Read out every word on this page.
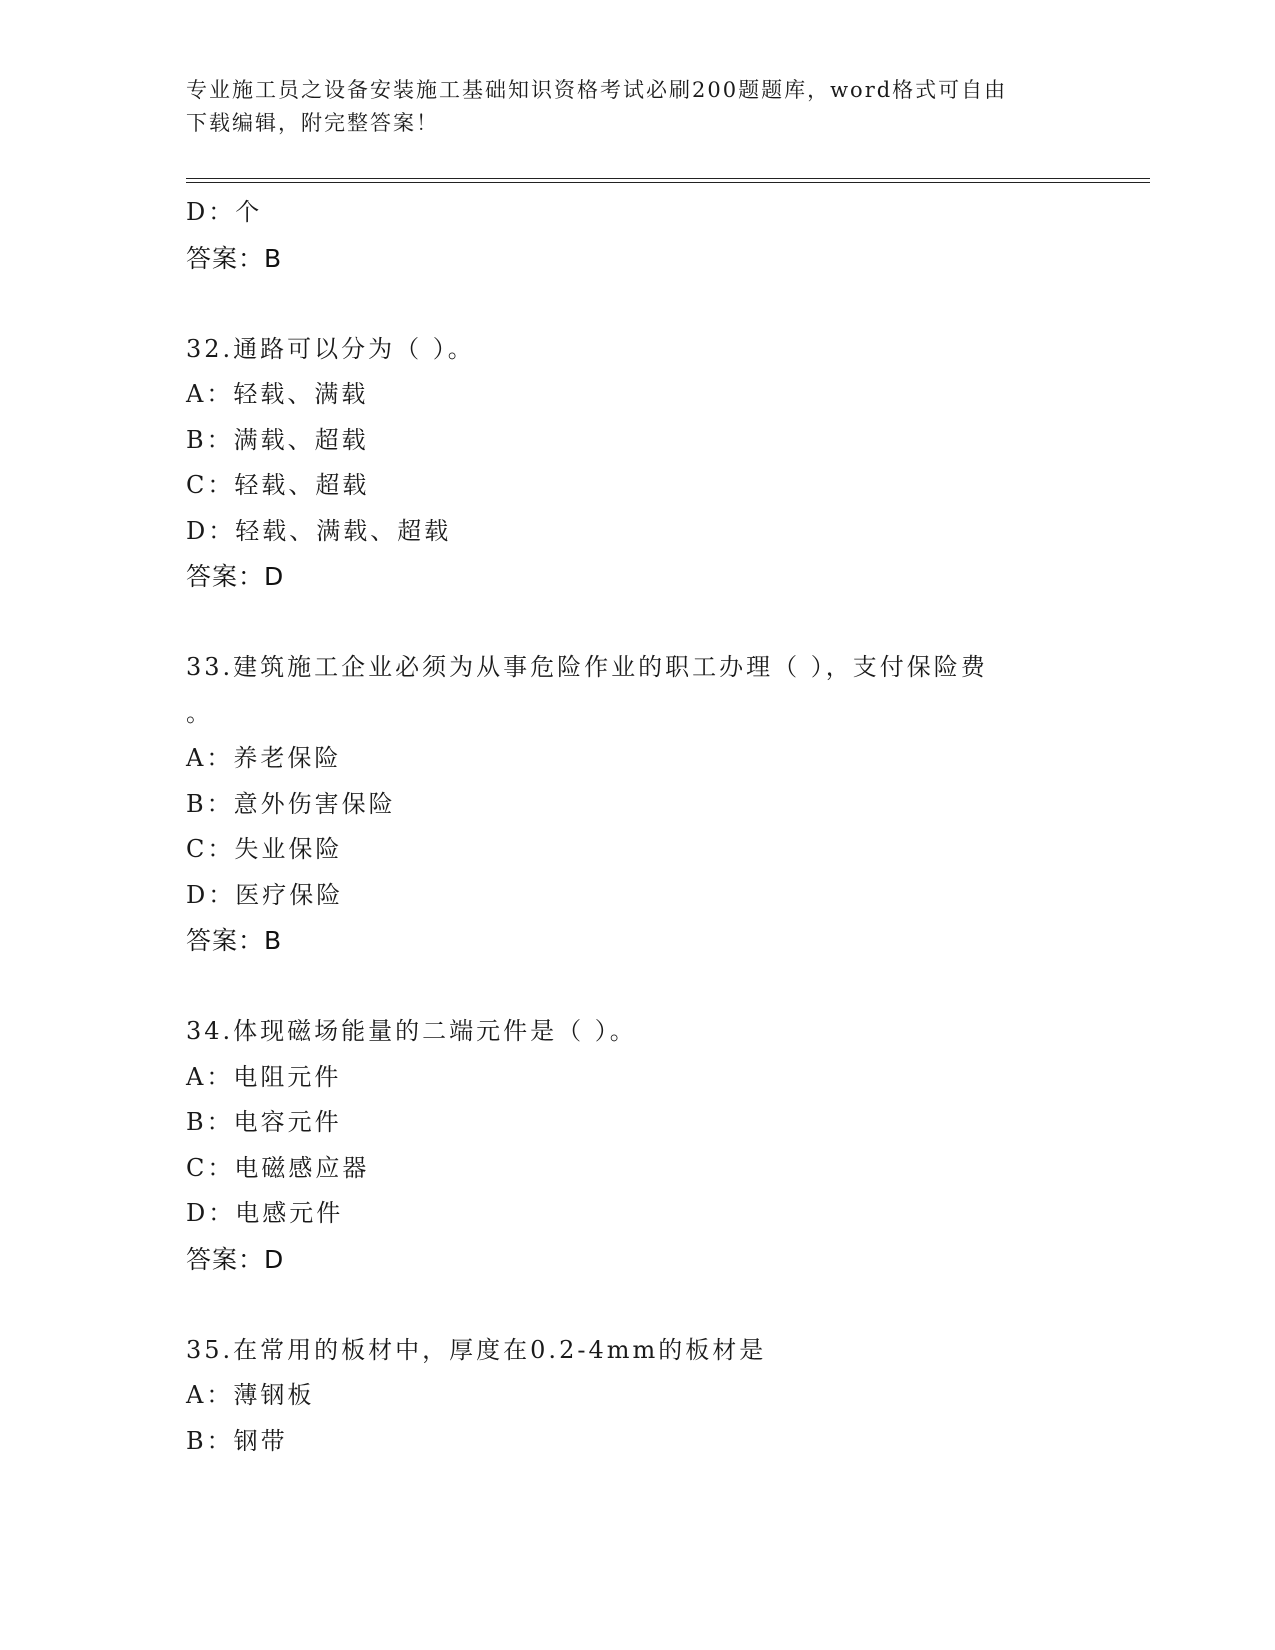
专业施工员之设备安装施工基础知识资格考试必刷200题题库，word格式可自由
下载编辑，附完整答案！
D：个
答案：B
32.通路可以分为（ ）。
A：轻载、满载
B：满载、超载
C：轻载、超载
D：轻载、满载、超载
答案：D
33.建筑施工企业必须为从事危险作业的职工办理（ ），支付保险费
。
A：养老保险
B：意外伤害保险
C：失业保险
D：医疗保险
答案：B
34.体现磁场能量的二端元件是（ ）。
A：电阻元件
B：电容元件
C：电磁感应器
D：电感元件
答案：D
35.在常用的板材中，厚度在0.2-4mm的板材是
A：薄钢板
B：钢带
